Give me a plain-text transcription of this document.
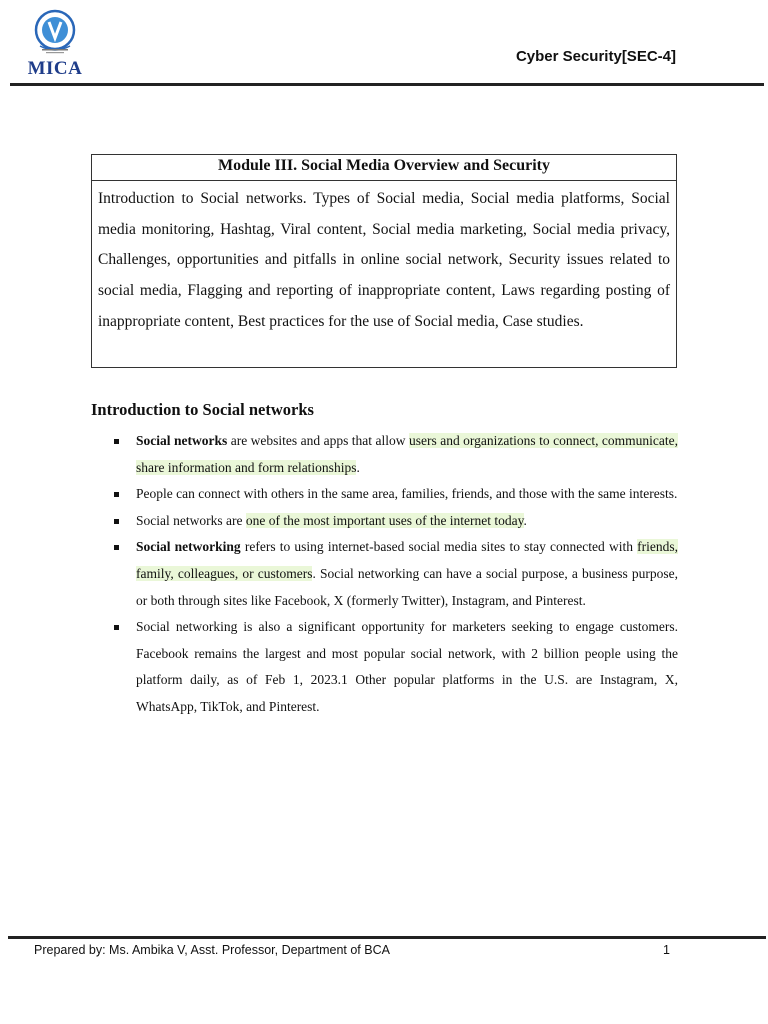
MICA
Cyber Security[SEC-4]
Module III. Social Media Overview and Security
Introduction to Social networks. Types of Social media, Social media platforms, Social media monitoring, Hashtag, Viral content, Social media marketing, Social media privacy, Challenges, opportunities and pitfalls in online social network, Security issues related to social media, Flagging and reporting of inappropriate content, Laws regarding posting of inappropriate content, Best practices for the use of Social media, Case studies.
Introduction to Social networks
Social networks are websites and apps that allow users and organizations to connect, communicate, share information and form relationships.
People can connect with others in the same area, families, friends, and those with the same interests.
Social networks are one of the most important uses of the internet today.
Social networking refers to using internet-based social media sites to stay connected with friends, family, colleagues, or customers. Social networking can have a social purpose, a business purpose, or both through sites like Facebook, X (formerly Twitter), Instagram, and Pinterest.
Social networking is also a significant opportunity for marketers seeking to engage customers. Facebook remains the largest and most popular social network, with 2 billion people using the platform daily, as of Feb 1, 2023.1 Other popular platforms in the U.S. are Instagram, X, WhatsApp, TikTok, and Pinterest.
Prepared by: Ms. Ambika V, Asst. Professor, Department of BCA	1
